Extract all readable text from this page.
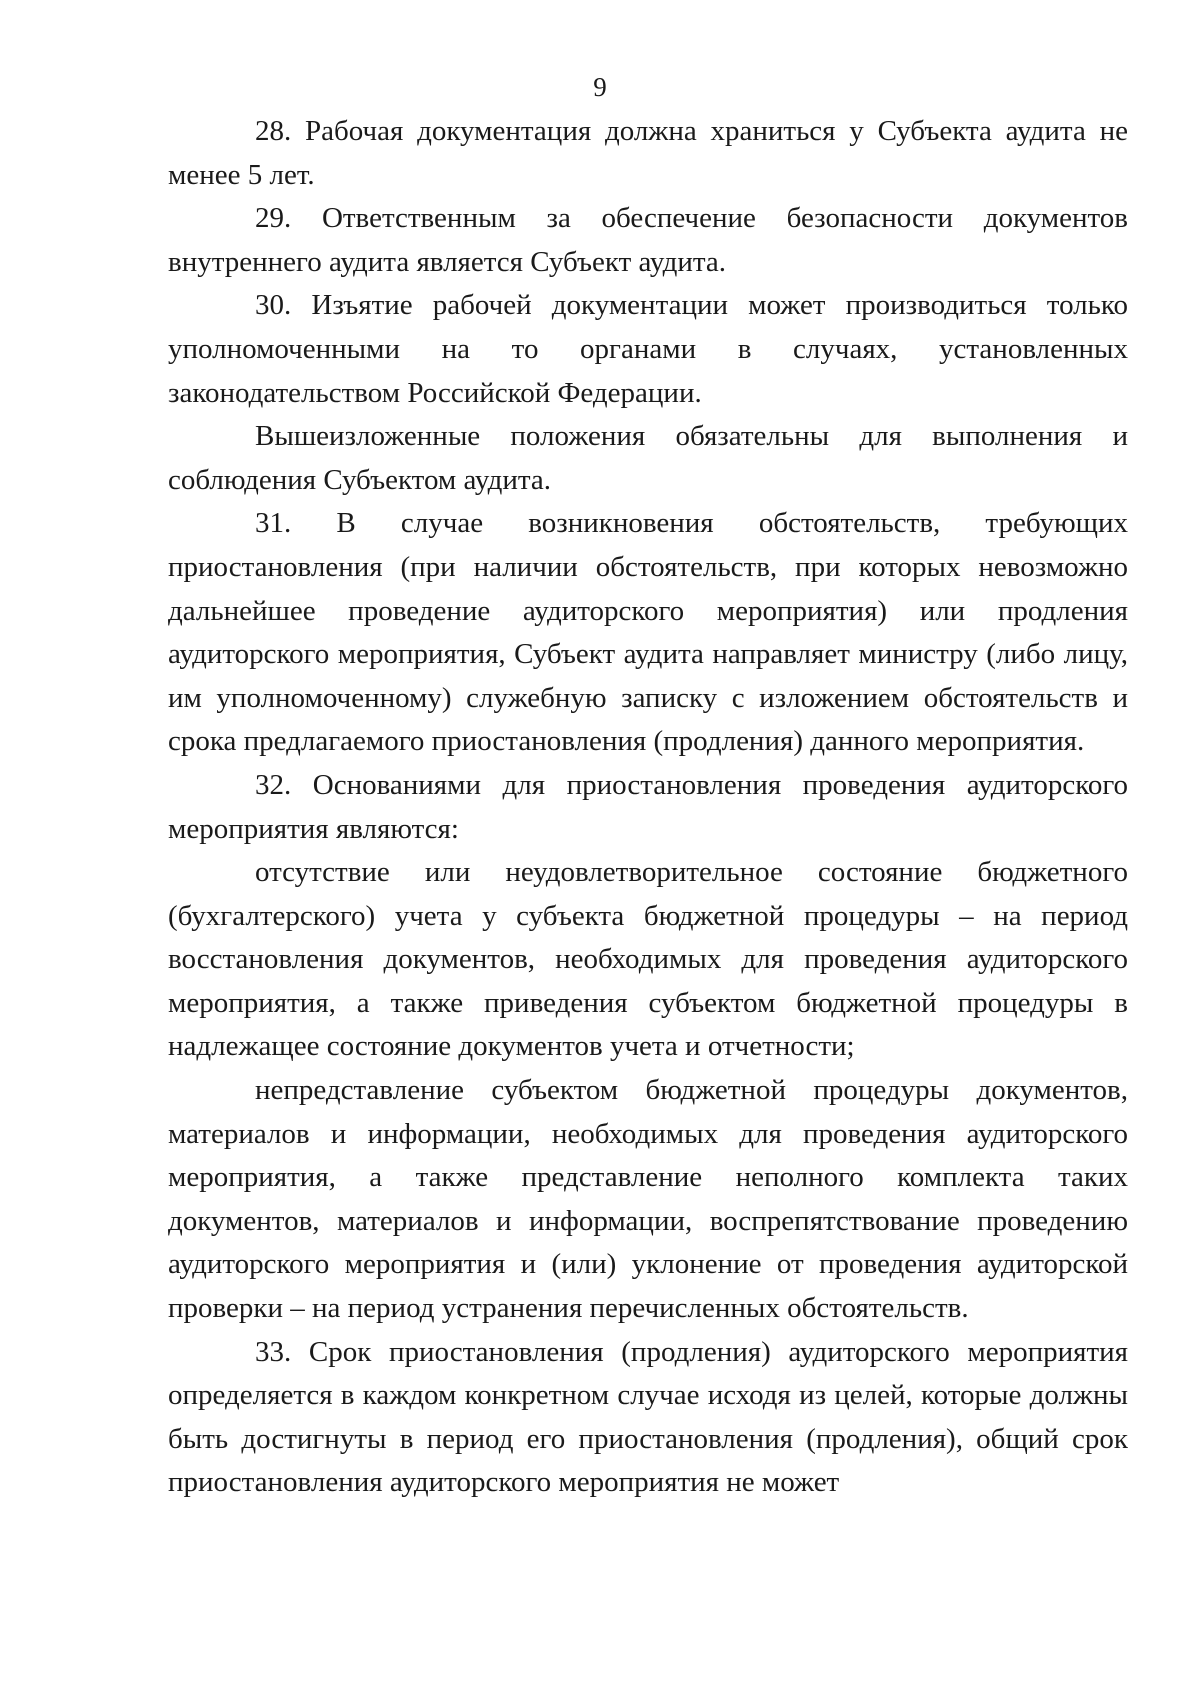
9

28. Рабочая документация должна храниться у Субъекта аудита не менее 5 лет.

29. Ответственным за обеспечение безопасности документов внутреннего аудита является Субъект аудита.

30. Изъятие рабочей документации может производиться только уполномоченными на то органами в случаях, установленных законодательством Российской Федерации.

Вышеизложенные положения обязательны для выполнения и соблюдения Субъектом аудита.

31. В случае возникновения обстоятельств, требующих приостановления (при наличии обстоятельств, при которых невозможно дальнейшее проведение аудиторского мероприятия) или продления аудиторского мероприятия, Субъект аудита направляет министру (либо лицу, им уполномоченному) служебную записку с изложением обстоятельств и срока предлагаемого приостановления (продления) данного мероприятия.

32. Основаниями для приостановления проведения аудиторского мероприятия являются:

отсутствие или неудовлетворительное состояние бюджетного (бухгалтерского) учета у субъекта бюджетной процедуры – на период восстановления документов, необходимых для проведения аудиторского мероприятия, а также приведения субъектом бюджетной процедуры в надлежащее состояние документов учета и отчетности;

непредставление субъектом бюджетной процедуры документов, материалов и информации, необходимых для проведения аудиторского мероприятия, а также представление неполного комплекта таких документов, материалов и информации, воспрепятствование проведению аудиторского мероприятия и (или) уклонение от проведения аудиторской проверки – на период устранения перечисленных обстоятельств.

33. Срок приостановления (продления) аудиторского мероприятия определяется в каждом конкретном случае исходя из целей, которые должны быть достигнуты в период его приостановления (продления), общий срок приостановления аудиторского мероприятия не может
